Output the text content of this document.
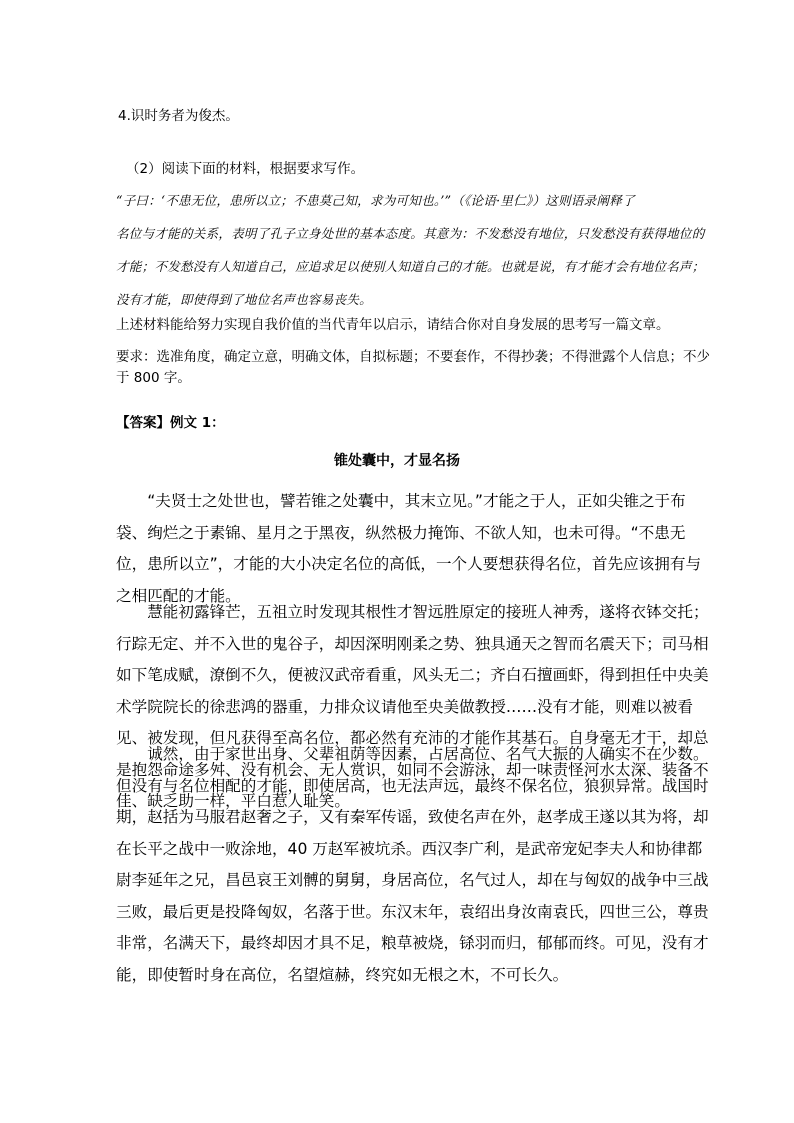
4.识时务者为俊杰。
（2）阅读下面的材料，根据要求写作。
“子曰：‘不患无位，患所以立；不患莫己知，求为可知也。’”（《论语·里仁》）这则语录阐释了
名位与才能的关系，表明了孔子立身处世的基本态度。其意为：不发愁没有地位，只发愁没有获得地位的
才能；不发愁没有人知道自己，应追求足以使别人知道自己的才能。也就是说，有才能才会有地位名声；
没有才能，即使得到了地位名声也容易丧失。
上述材料能给努力实现自我价值的当代青年以启示，请结合你对自身发展的思考写一篇文章。
要求：选准角度，确定立意，明确文体，自拟标题；不要套作，不得抄袭；不得泄露个人信息；不少于 800 字。
【答案】例文 1：
锥处囊中，才显名扬

“夫贤士之处世也，譬若锥之处囊中，其末立见。”才能之于人，正如尖锥之于布袋、绚烂之于素锦、星月之于黑夜，纵然极力掩饰、不欲人知，也未可得。“不患无位，患所以立”，才能的大小决定名位的高低，一个人要想获得名位，首先应该拥有与之相匹配的才能。

慧能初露锋芒，五祖立时发现其根性才智远胜原定的接班人神秀，遂将衣钵交托；行踪无定、并不入世的鬼谷子，却因深明刚柔之势、独具通天之智而名震天下；司马相如下笔成赋，潦倒不久，便被汉武帝看重，风头无二；齐白石擅画虾，得到担任中央美术学院院长的徐悲鸿的器重，力排众议请他至央美做教授……没有才能，则难以被看见、被发现，但凡获得至高名位，都必然有充沛的才能作其基石。自身毫无才干，却总是抱怨命途多舛、没有机会、无人赏识，如同不会游泳，却一味责怪河水太深、装备不佳、缺乏助一样，平白惹人耻笑。

诚然，由于家世出身、父辈祖荫等因素，占居高位、名气大振的人确实不在少数。但没有与名位相配的才能，即使居高，也无法声远，最终不保名位，狼狈异常。战国时期，赵括为马服君赵奢之子，又有秦军传谣，致使名声在外，赵孝成王遂以其为将，却在长平之战中一败涂地，40 万赵军被坑杀。西汉李广利，是武帝宠妃李夫人和协律都尉李延年之兄，昌邑哀王刘髆的舅舅，身居高位，名气过人，却在与匈奴的战争中三战三败，最后更是投降匈奴，名落于世。东汉末年，袁绍出身汝南袁氏，四世三公，尊贵非常，名满天下，最终却因才具不足，粮草被烧，铩羽而归，郁郁而终。可见，没有才能，即使暂时身在高位，名望煊赫，终究如无根之木，不可长久。
